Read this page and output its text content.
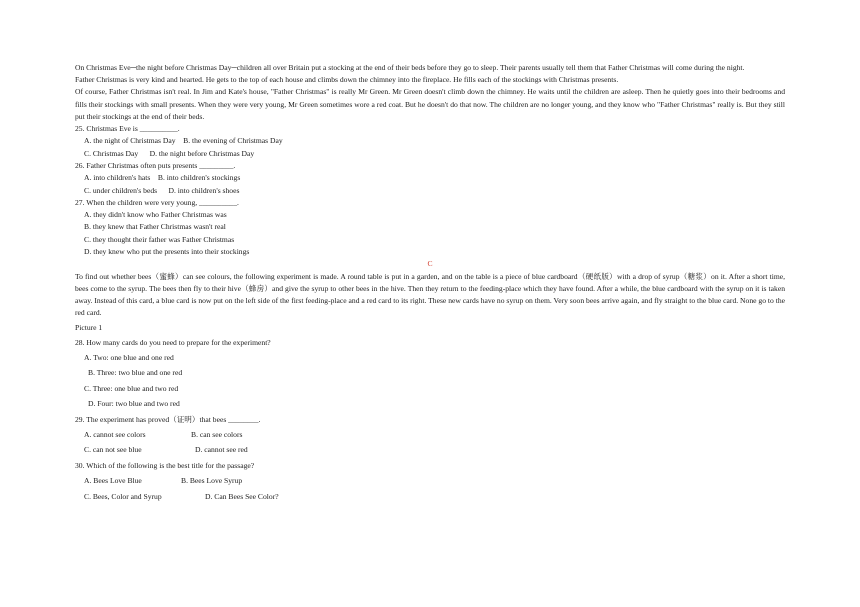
On Christmas Eve─the night before Christmas Day─children all over Britain put a stocking at the end of their beds before they go to sleep. Their parents usually tell them that Father Christmas will come during the night.

Father Christmas is very kind and hearted. He gets to the top of each house and climbs down the chimney into the fireplace. He fills each of the stockings with Christmas presents.

Of course, Father Christmas isn't real. In Jim and Kate's house, "Father Christmas" is really Mr Green. Mr Green doesn't climb down the chimney. He waits until the children are asleep. Then he quietly goes into their bedrooms and fills their stockings with small presents. When they were very young, Mr Green sometimes wore a red coat. But he doesn't do that now. The children are no longer young, and they know who "Father Christmas" really is. But they still put their stockings at the end of their beds.

25. Christmas Eve is __________.

A. the night of Christmas Day    B. the evening of Christmas Day

C. Christmas Day      D. the night before Christmas Day

26. Father Christmas often puts presents _________.

A. into children's hats    B. into children's stockings

C. under children's beds      D. into children's shoes

27. When the children were very young, __________.

A. they didn't know who Father Christmas was

B. they knew that Father Christmas wasn't real

C. they thought their father was Father Christmas

D. they knew who put the presents into their stockings

C

To find out whether bees（蜜蜂）can see colours, the following experiment is made. A round table is put in a garden, and on the table is a piece of blue cardboard（硬纸版）with a drop of syrup（糖浆）on it. After a short time, bees come to the syrup. The bees then fly to their hive（蜂房）and give the syrup to other bees in the hive. Then they return to the feeding-place which they have found. After a while, the blue cardboard with the syrup on it is taken away. Instead of this card, a blue card is now put on the left side of the first feeding-place and a red card to its right. These new cards have no syrup on them. Very soon bees arrive again, and fly straight to the blue card. None go to the red card.

Picture 1

28. How many cards do you need to prepare for the experiment?

A. Two: one blue and one red

B. Three: two blue and one red

C. Three: one blue and two red

D. Four: two blue and two red

29. The experiment has proved（证明）that bees ________.

A. cannot see colors	B. can see colors

C. can not see blue	D. cannot see red

30. Which of the following is the best title for the passage?

A. Bees Love Blue	B. Bees Love Syrup

C. Bees, Color and Syrup	D. Can Bees See Color?
